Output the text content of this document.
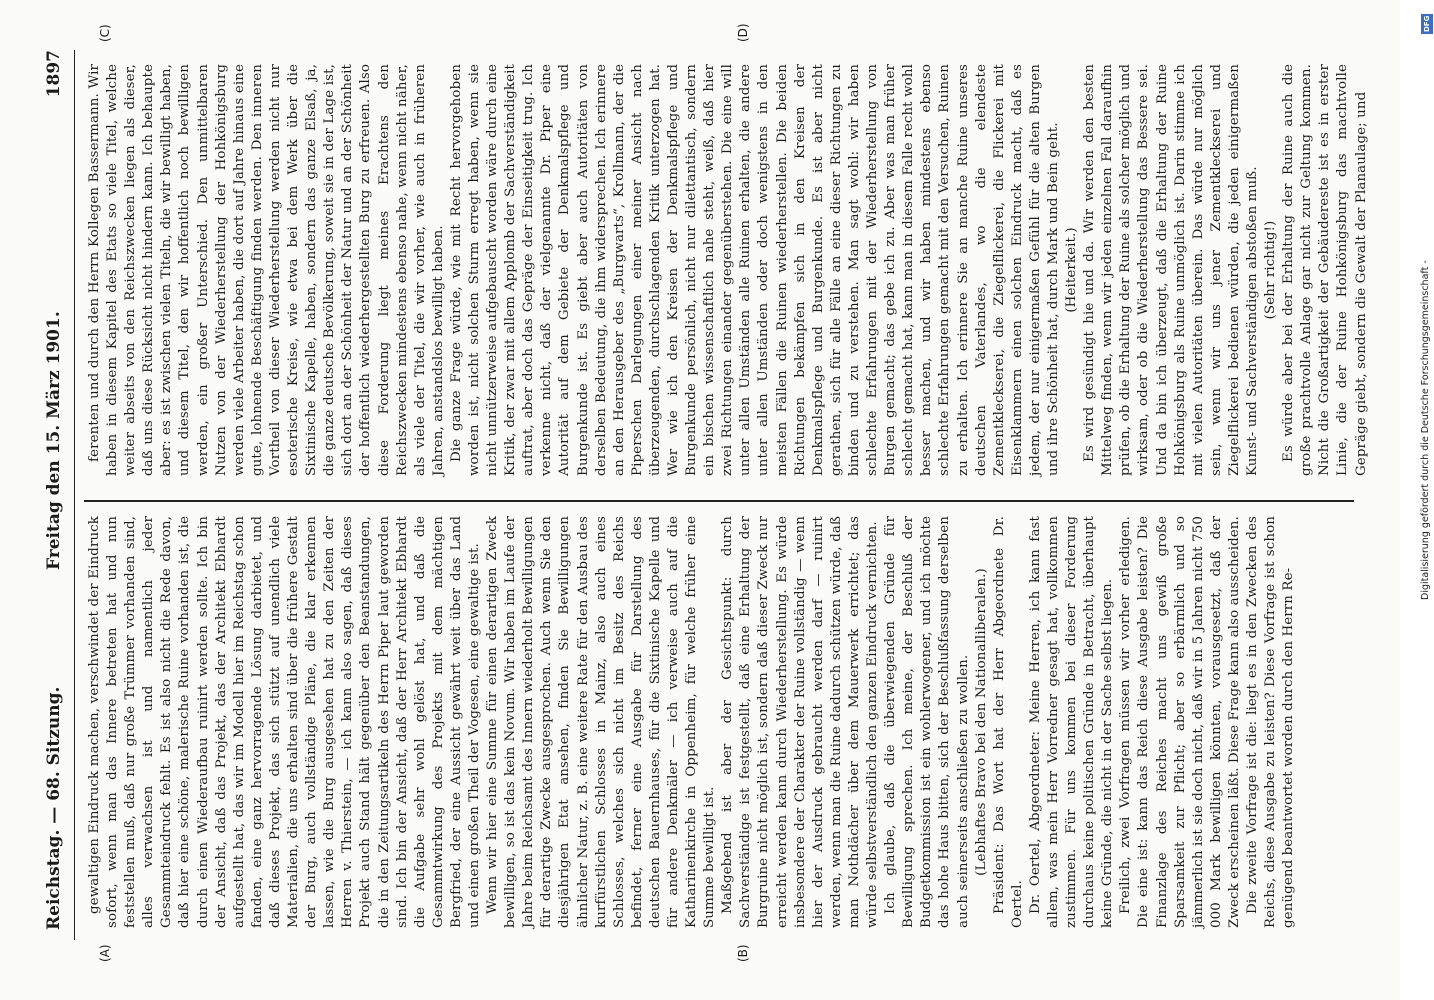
Reichstag. — 68. Sitzung.
Freitag den 15. März 1901.
1897
(A)	(B)
(C)	(D)

gewaltigen Eindruck machen, verschwindet der Eindruck sofort, wenn man das Innere betreten hat und nun feststellen muß, daß nur große Trümmer vorhanden sind, alles verwachsen ist und namentlich jeder Gesammteindruck fehlt. Es ist also nicht die Rede davon, daß hier eine schöne, malerische Ruine vorhanden ist, die durch einen Wiederaufbau ruinirt werden sollte. Ich bin der Ansicht, daß das Projekt, das der Architekt Ebhardt aufgestellt hat, das wir im Modell hier im Reichstag schon fanden, eine ganz hervorragende Lösung darbietet, und daß dieses Projekt, das sich stützt auf unendlich viele Materialien, die uns erhalten sind über die frühere Gestalt der Burg, auch vollständige Pläne, die klar erkennen lassen, wie die Burg ausgesehen hat zu den Zeiten der Herren v. Thierstein, — ich kann also sagen, daß dieses Projekt auch Stand hält gegenüber den Beanstandungen, die in den Zeitungsartikeln des Herrn Piper laut geworden sind. Ich bin der Ansicht, daß der Herr Architekt Ebhardt die Aufgabe sehr wohl gelöst hat, und daß die Gesammtwirkung des Projekts mit dem mächtigen Bergfried, der eine Aussicht gewährt weit über das Land und einen großen Theil der Vogesen, eine gewaltige ist. Wenn wir hier eine Summe für einen derartigen Zweck bewilligen, so ist das kein Novum. Wir haben im Laufe der Jahre beim Reichsamt des Innern wiederholt Bewilligungen für derartige Zwecke ausgesprochen. Auch wenn Sie den diesjährigen Etat ansehen, finden Sie Bewilligungen ähnlicher Natur, z. B. eine weitere Rate für den Ausbau des kurfürstlichen Schlosses in Mainz, also auch eines Schlosses, welches sich nicht im Besitz des Reichs befindet, ferner eine Ausgabe für Darstellung des deutschen Bauernhauses, für die Sixtinische Kapelle und für andere Denkmäler — ich verweise auch auf die Katharinenkirche in Oppenheim, für welche früher eine Summe bewilligt ist. Maßgebend ist aber der Gesichtspunkt: durch Sachverständige ist festgestellt, daß eine Erhaltung der Burgruine nicht möglich ist, sondern daß dieser Zweck nur erreicht werden kann durch Wiederherstellung. Es würde insbesondere der Charakter der Ruine vollständig — wenn hier der Ausdruck gebraucht werden darf — ruinirt werden, wenn man die Ruine dadurch schützen würde, daß man Nothdächer über dem Mauerwerk errichtet; das würde selbstverständlich den ganzen Eindruck vernichten. Ich glaube, daß die überwiegenden Gründe für Bewilligung sprechen. Ich meine, der Beschluß der Budgetkommission ist ein wohlerwogener, und ich möchte das hohe Haus bitten, sich der Beschlußfassung derselben auch seinerseits anschließen zu wollen. (Lebhaftes Bravo bei den Nationalliberalen.) Präsident: Das Wort hat der Herr Abgeordnete Dr. Oertel. Dr. Oertel, Abgeordneter: Meine Herren, ich kann fast allem, was mein Herr Vorredner gesagt hat, vollkommen zustimmen. Für uns kommen bei dieser Forderung durchaus keine politischen Gründe in Betracht, überhaupt keine Gründe, die nicht in der Sache selbst liegen. Freilich, zwei Vorfragen müssen wir vorher erledigen. Die eine ist: kann das Reich diese Ausgabe leisten? Die Finanzlage des Reiches macht uns gewiß große Sparsamkeit zur Pflicht; aber so erbärmlich und so jämmerlich ist sie doch nicht, daß wir in 5 Jahren nicht 750 000 Mark bewilligen könnten, vorausgesetzt, daß der Zweck erscheinen läßt. Diese Frage kann also ausscheiden. Die zweite Vorfrage ist die: liegt es in den Zwecken des Reichs, diese Ausgabe zu leisten? Diese Vorfrage ist schon genügend beantwortet worden durch den Herrn Re-

ferenten und durch den Herrn Kollegen Bassermann. Wir haben in diesem Kapitel des Etats so viele Titel, welche weiter abseits von den Reichszwecken liegen als dieser, daß uns diese Rücksicht nicht hindern kann. Ich behaupte aber: es ist zwischen vielen Titeln, die wir bewilligt haben, und diesem Titel, den wir hoffentlich noch bewilligen werden, ein großer Unterschied. Den unmittelbaren Nutzen von der Wiederherstellung der Hohkönigsburg werden viele Arbeiter haben, die dort auf Jahre hinaus eine gute, lohnende Beschäftigung finden werden. Den inneren Vortheil von dieser Wiederherstellung werden nicht nur esoterische Kreise, wie etwa bei dem Werk über die Sixtinische Kapelle, haben, sondern das ganze Elsaß, ja, die ganze deutsche Bevölkerung, soweit sie in der Lage ist, sich dort an der Schönheit der Natur und an der Schönheit der hoffentlich wiederhergestellten Burg zu erfreuen. Also diese Forderung liegt meines Erachtens den Reichszwecken mindestens ebenso nahe, wenn nicht näher, als viele der Titel, die wir vorher, wie auch in früheren Jahren, anstandslos bewilligt haben. Die ganze Frage würde, wie mit Recht hervorgehoben worden ist, nicht solchen Sturm erregt haben, wenn sie nicht unnützerweise aufgebauscht worden wäre durch eine Kritik, der zwar mit allem Applomb der Sachverständigkeit auftrat, aber doch das Gepräge der Einseitigkeit trug. Ich verkenne nicht, daß der vielgenannte Dr. Piper eine Autorität auf dem Gebiete der Denkmalspflege und Burgenkunde ist. Es giebt aber auch Autoritäten von derselben Bedeutung, die ihm widersprechen. Ich erinnere an den Herausgeber des „Burgwarts“, Krollmann, der die Piperschen Darlegungen einer meiner Ansicht nach überzeugenden, durchschlagenden Kritik unterzogen hat. Wer wie ich den Kreisen der Denkmalspflege und Burgenkunde persönlich, nicht nur dilettantisch, sondern ein bischen wissenschaftlich nahe steht, weiß, daß hier zwei Richtungen einander gegenüberstehen. Die eine will unter allen Umständen alle Ruinen erhalten, die andere unter allen Umständen oder doch wenigstens in den meisten Fällen die Ruinen wiederherstellen. Die beiden Richtungen bekämpfen sich in den Kreisen der Denkmalspflege und Burgenkunde. Es ist aber nicht gerathen, sich für alle Fälle an eine dieser Richtungen zu binden und zu verstehen. Man sagt wohl: wir haben schlechte Erfahrungen mit der Wiederherstellung von Burgen gemacht; das gebe ich zu. Aber was man früher schlecht gemacht hat, kann man in diesem Falle recht wohl besser machen, und wir haben mindestens ebenso schlechte Erfahrungen gemacht mit den Versuchen, Ruinen zu erhalten. Ich erinnere Sie an manche Ruine unseres deutschen Vaterlandes, wo die elendeste Zementkleckserei, die Ziegelflickerei, die Flickerei mit Eisenklammern einen solchen Eindruck macht, daß es jedem, der nur einigermaßen Gefühl für die alten Burgen und ihre Schönheit hat, durch Mark und Bein geht. (Heiterkeit.) Es wird gesündigt hie und da. Wir werden den besten Mittelweg finden, wenn wir jeden einzelnen Fall daraufhin prüfen, ob die Erhaltung der Ruine als solcher möglich und wirksam, oder ob die Wiederherstellung das Bessere sei. Und da bin ich überzeugt, daß die Erhaltung der Ruine Hohkönigsburg als Ruine unmöglich ist. Darin stimme ich mit vielen Autoritäten überein. Das würde nur möglich sein, wenn wir uns jener Zementkleckserei und Ziegelflickerei bedienen würden, die jeden einigermaßen Kunst- und Sachverständigen abstoßen muß. (Sehr richtig!) Es würde aber bei der Erhaltung der Ruine auch die große prachtvolle Anlage gar nicht zur Geltung kommen. Nicht die Großartigkeit der Gebäudereste ist es in erster Linie, die der Ruine Hohkönigsburg das machtvolle Gepräge giebt, sondern die Gewalt der Planaulage; und

DFG
Digitalisierung gefördert durch die Deutsche Forschungsgemeinschaft -
